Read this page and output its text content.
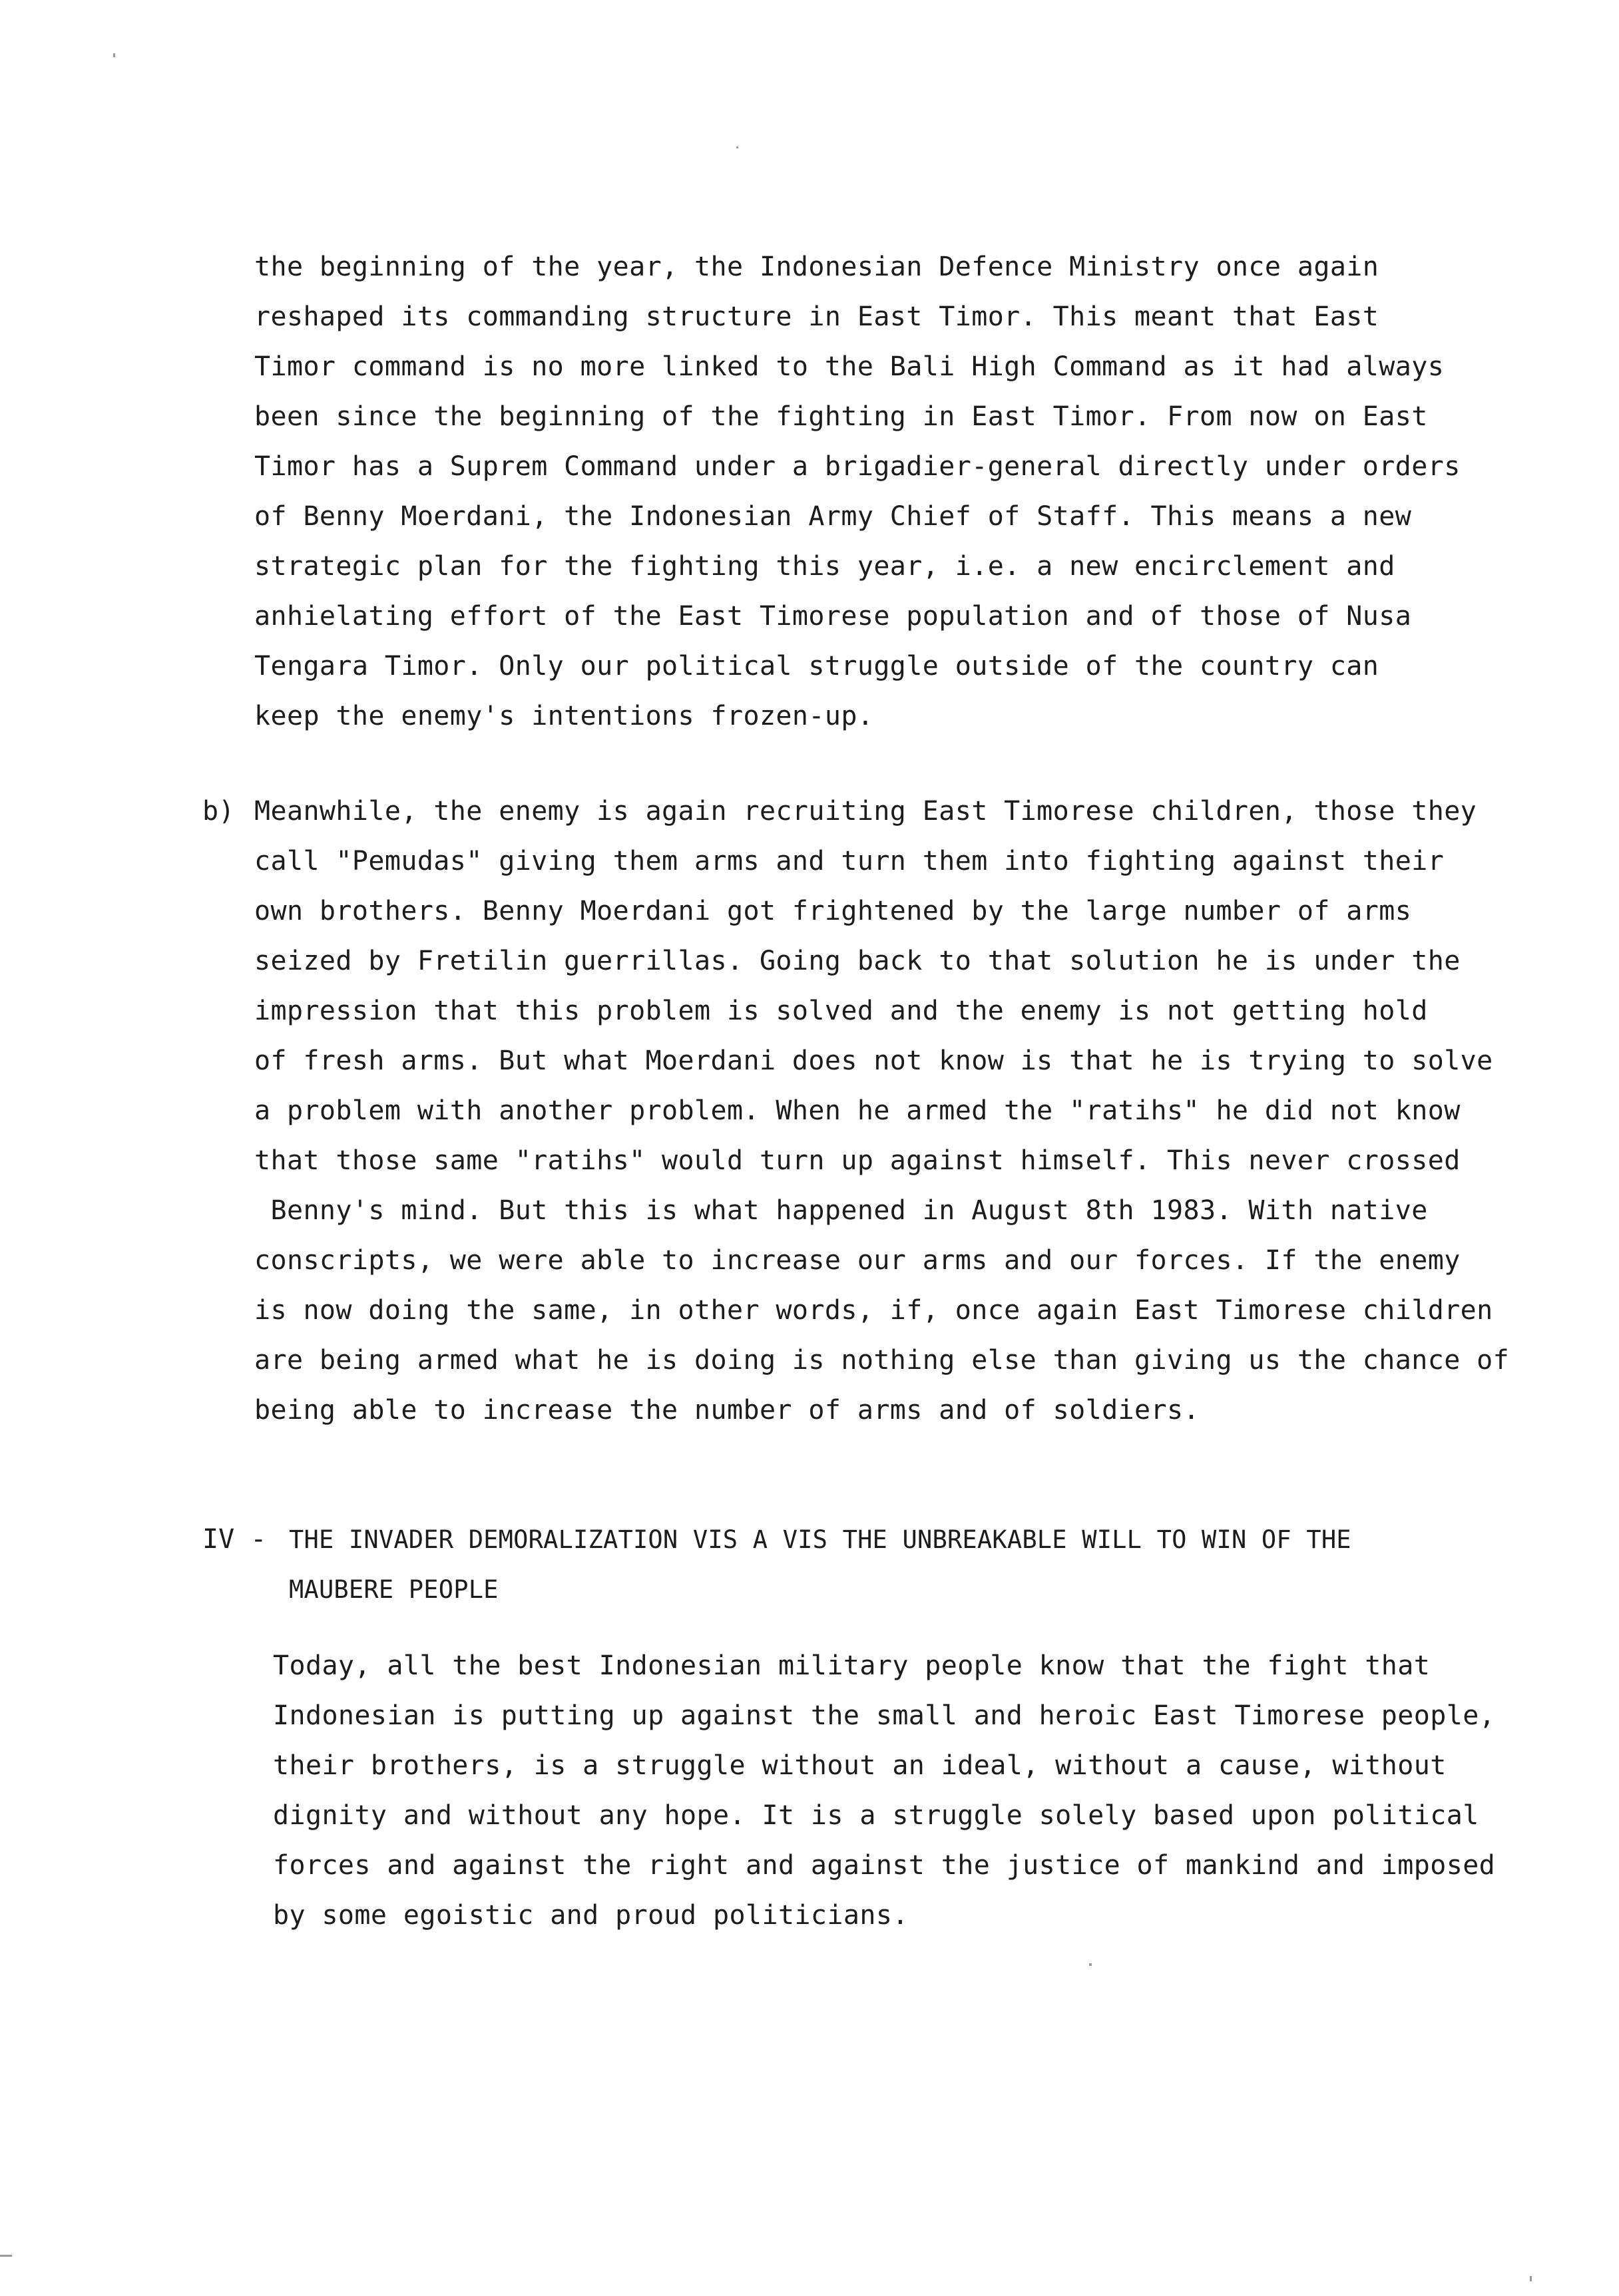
the beginning of the year, the Indonesian Defence Ministry once again
reshaped its commanding structure in East Timor. This meant that East
Timor command is no more linked to the Bali High Command as it had always
been since the beginning of the fighting in East Timor. From now on East
Timor has a Suprem Command under a brigadier-general directly under orders
of Benny Moerdani, the Indonesian Army Chief of Staff. This means a new
strategic plan for the fighting this year, i.e. a new encirclement and
anhielating effort of the East Timorese population and of those of Nusa
Tengara Timor. Only our political struggle outside of the country can
keep the enemy's intentions frozen-up.
b) Meanwhile, the enemy is again recruiting East Timorese children, those they
call "Pemudas" giving them arms and turn them into fighting against their
own brothers. Benny Moerdani got frightened by the large number of arms
seized by Fretilin guerrillas. Going back to that solution he is under the
impression that this problem is solved and the enemy is not getting hold
of fresh arms. But what Moerdani does not know is that he is trying to solve
a problem with another problem. When he armed the "ratihs" he did not know
that those same "ratihs" would turn up against himself. This never crossed
Benny's mind. But this is what happened in August 8th 1983. With native
conscripts, we were able to increase our arms and our forces. If the enemy
is now doing the same, in other words, if, once again East Timorese children
are being armed what he is doing is nothing else than giving us the chance of
being able to increase the number of arms and of soldiers.
IV - THE INVADER DEMORALIZATION VIS A VIS THE UNBREAKABLE WILL TO WIN OF THE
MAUBERE PEOPLE
Today, all the best Indonesian military people know that the fight that
Indonesian is putting up against the small and heroic East Timorese people,
their brothers, is a struggle without an ideal, without a cause, without
dignity and without any hope. It is a struggle solely based upon political
forces and against the right and against the justice of mankind and imposed
by some egoistic and proud politicians.
